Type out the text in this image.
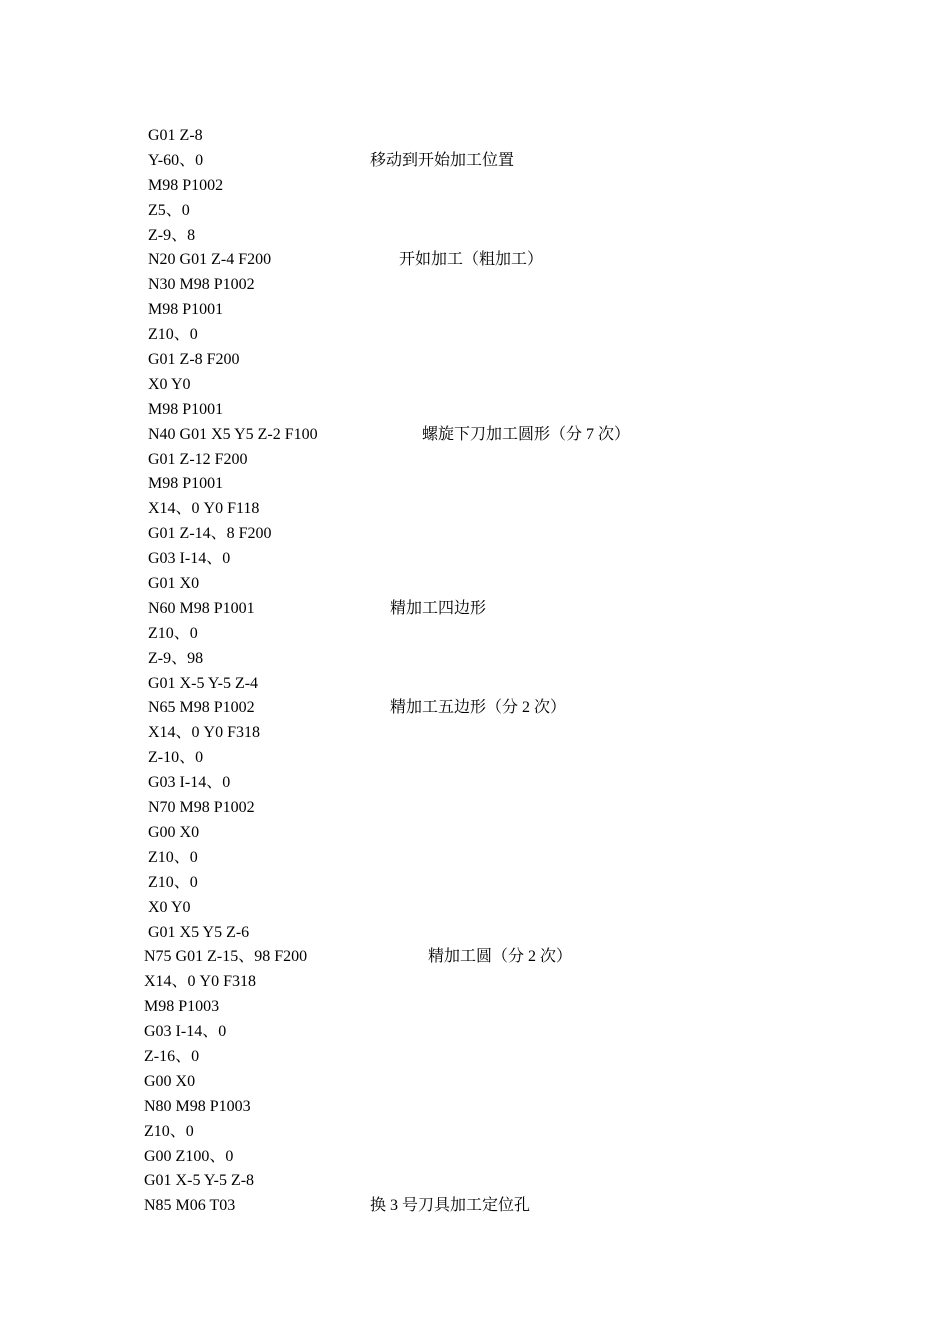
G01 Z-8
Y-60、0	移动到开始加工位置
M98 P1002
Z5、0
Z-9、8
N20 G01 Z-4 F200	开如加工（粗加工）
N30 M98 P1002
M98 P1001
Z10、0
G01 Z-8 F200
X0 Y0
M98 P1001
N40 G01 X5 Y5 Z-2 F100	螺旋下刀加工圆形（分 7 次）
G01 Z-12 F200
M98 P1001
X14、0 Y0 F118
G01 Z-14、8 F200
G03 I-14、0
G01 X0
N60 M98 P1001	精加工四边形
Z10、0
Z-9、98
G01 X-5 Y-5 Z-4
N65 M98 P1002	精加工五边形（分 2 次）
X14、0 Y0 F318
Z-10、0
G03 I-14、0
N70 M98 P1002
G00 X0
Z10、0
Z10、0
X0 Y0
G01 X5 Y5 Z-6
N75 G01 Z-15、98 F200	精加工圆（分 2 次）
X14、0 Y0 F318
M98 P1003
G03 I-14、0
Z-16、0
G00 X0
N80 M98 P1003
Z10、0
G00 Z100、0
G01 X-5 Y-5 Z-8
N85 M06 T03	换 3 号刀具加工定位孔
